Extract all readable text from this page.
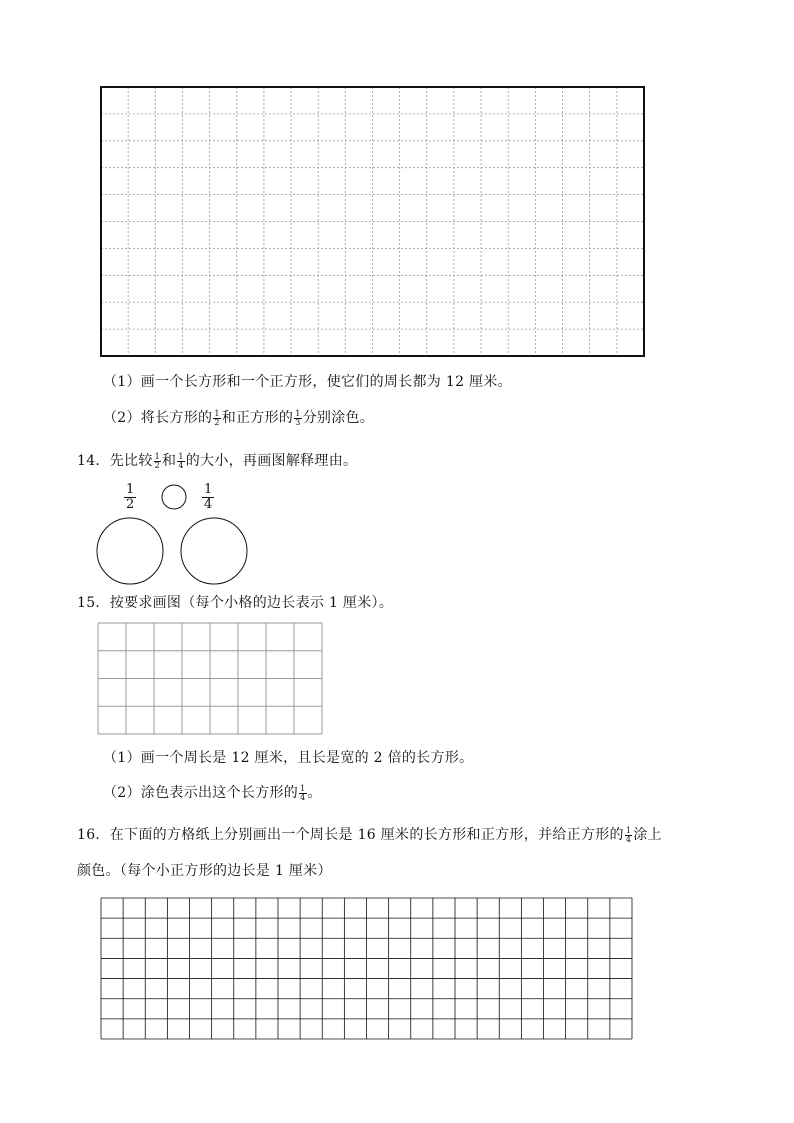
（1）画一个长方形和一个正方形，使它们的周长都为 12 厘米。
（2）将长方形的 $\frac{1}{2}$ 和正方形的 $\frac{1}{3}$ 分别涂色。
14．先比较 $\frac{1}{2}$ 和 $\frac{1}{4}$ 的大小，再画图解释理由。
$\frac{1}{2}$	$\frac{1}{4}$
15．按要求画图（每个小格的边长表示 1 厘米）。
（1）画一个周长是 12 厘米，且长是宽的 2 倍的长方形。
（2）涂色表示出这个长方形的 $\frac{1}{4}$ 。
16．在下面的方格纸上分别画出一个周长是 16 厘米的长方形和正方形，并给正方形的 $\frac{1}{4}$ 涂上
颜色。（每个小正方形的边长是 1 厘米）
